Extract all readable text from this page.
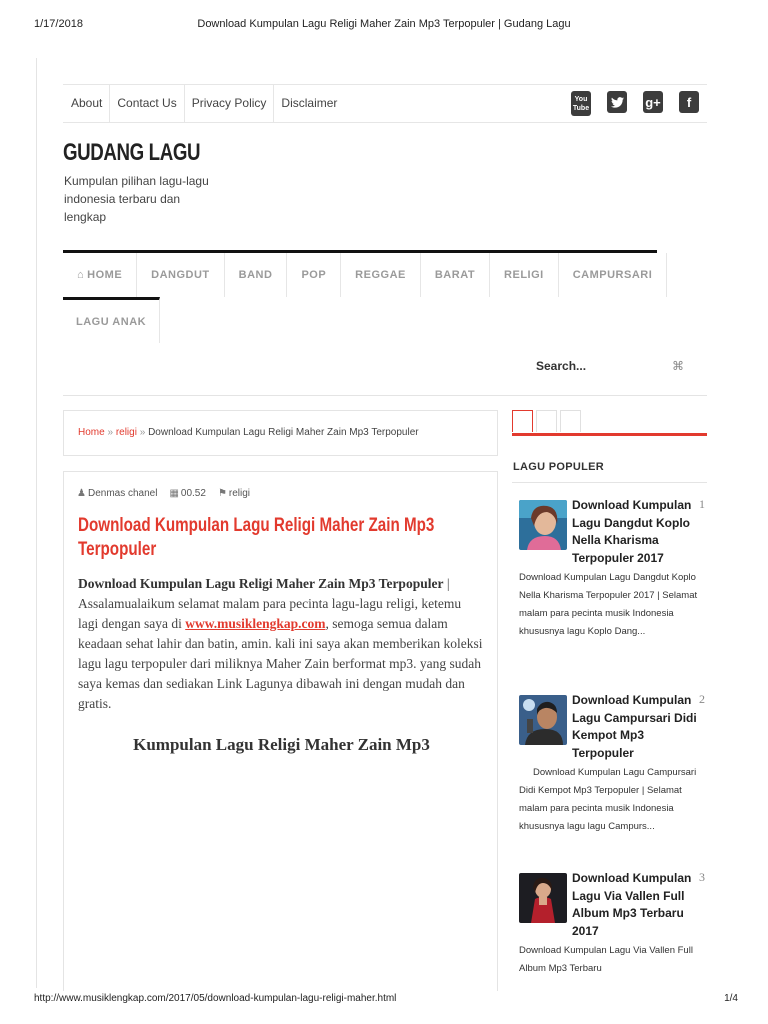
1/17/2018	Download Kumpulan Lagu Religi Maher Zain Mp3 Terpopuler | Gudang Lagu
About	Contact Us	Privacy Policy	Disclaimer	You
Tube	g+	f
GUDANG LAGU
Kumpulan pilihan lagu-lagu indonesia terbaru dan lengkap
⌂ HOME	DANGDUT	BAND	POP	REGGAE	BARAT	RELIGI	CAMPURSARI
LAGU ANAK
Search...	⌘
Home » religi » Download Kumpulan Lagu Religi Maher Zain Mp3 Terpopuler
♟ Denmas chanel ▦ 00.52 ⚑ religi
Download Kumpulan Lagu Religi Maher Zain Mp3 Terpopuler
Download Kumpulan Lagu Religi Maher Zain Mp3 Terpopuler | Assalamualaikum selamat malam para pecinta lagu-lagu religi, ketemu lagi dengan saya di www.musiklengkap.com, semoga semua dalam keadaan sehat lahir dan batin, amin. kali ini saya akan memberikan koleksi lagu lagu terpopuler dari miliknya Maher Zain berformat mp3. yang sudah saya kemas dan sediakan Link Lagunya dibawah ini dengan mudah dan gratis.
Kumpulan Lagu Religi Maher Zain Mp3
LAGU POPULER
Download Kumpulan Lagu Dangdut Koplo Nella Kharisma Terpopuler 2017
1
Download Kumpulan Lagu Dangdut Koplo Nella Kharisma Terpopuler 2017 | Selamat malam para pecinta musik Indonesia khususnya lagu Koplo Dang...
Download Kumpulan Lagu Campursari Didi Kempot Mp3 Terpopuler
2
Download Kumpulan Lagu Campursari Didi Kempot Mp3 Terpopuler | Selamat malam para pecinta musik Indonesia khususnya lagu lagu Campurs...
Download Kumpulan Lagu Via Vallen Full Album Mp3 Terbaru 2017
3
Download Kumpulan Lagu Via Vallen Full Album Mp3 Terbaru
http://www.musiklengkap.com/2017/05/download-kumpulan-lagu-religi-maher.html	1/4
